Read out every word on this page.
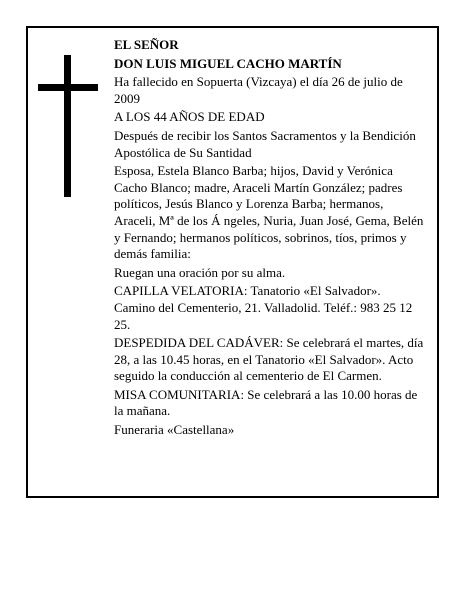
EL SEÑOR

DON LUIS MIGUEL CACHO MARTÍN

Ha fallecido en Sopuerta (Vizcaya) el día 26 de julio de 2009

A LOS 44 AÑOS DE EDAD

Después de recibir los Santos Sacramentos y la Bendición Apostólica de Su Santidad

Esposa, Estela Blanco Barba; hijos, David y Verónica Cacho Blanco; madre, Araceli Martín González; padres políticos, Jesús Blanco y Lorenza Barba; hermanos, Araceli, Mª de los Á ngeles, Nuria, Juan José, Gema, Belén y Fernando; hermanos políticos, sobrinos, tíos, primos y demás familia:

Ruegan una oración por su alma.

CAPILLA VELATORIA: Tanatorio «El Salvador». Camino del Cementerio, 21. Valladolid. Teléf.: 983 25 12 25.

DESPEDIDA DEL CADÁVER: Se celebrará el martes, día 28, a las 10.45 horas, en el Tanatorio «El Salvador». Acto seguido la conducción al cementerio de El Carmen.

MISA COMUNITARIA: Se celebrará a las 10.00 horas de la mañana.

Funeraria «Castellana»
